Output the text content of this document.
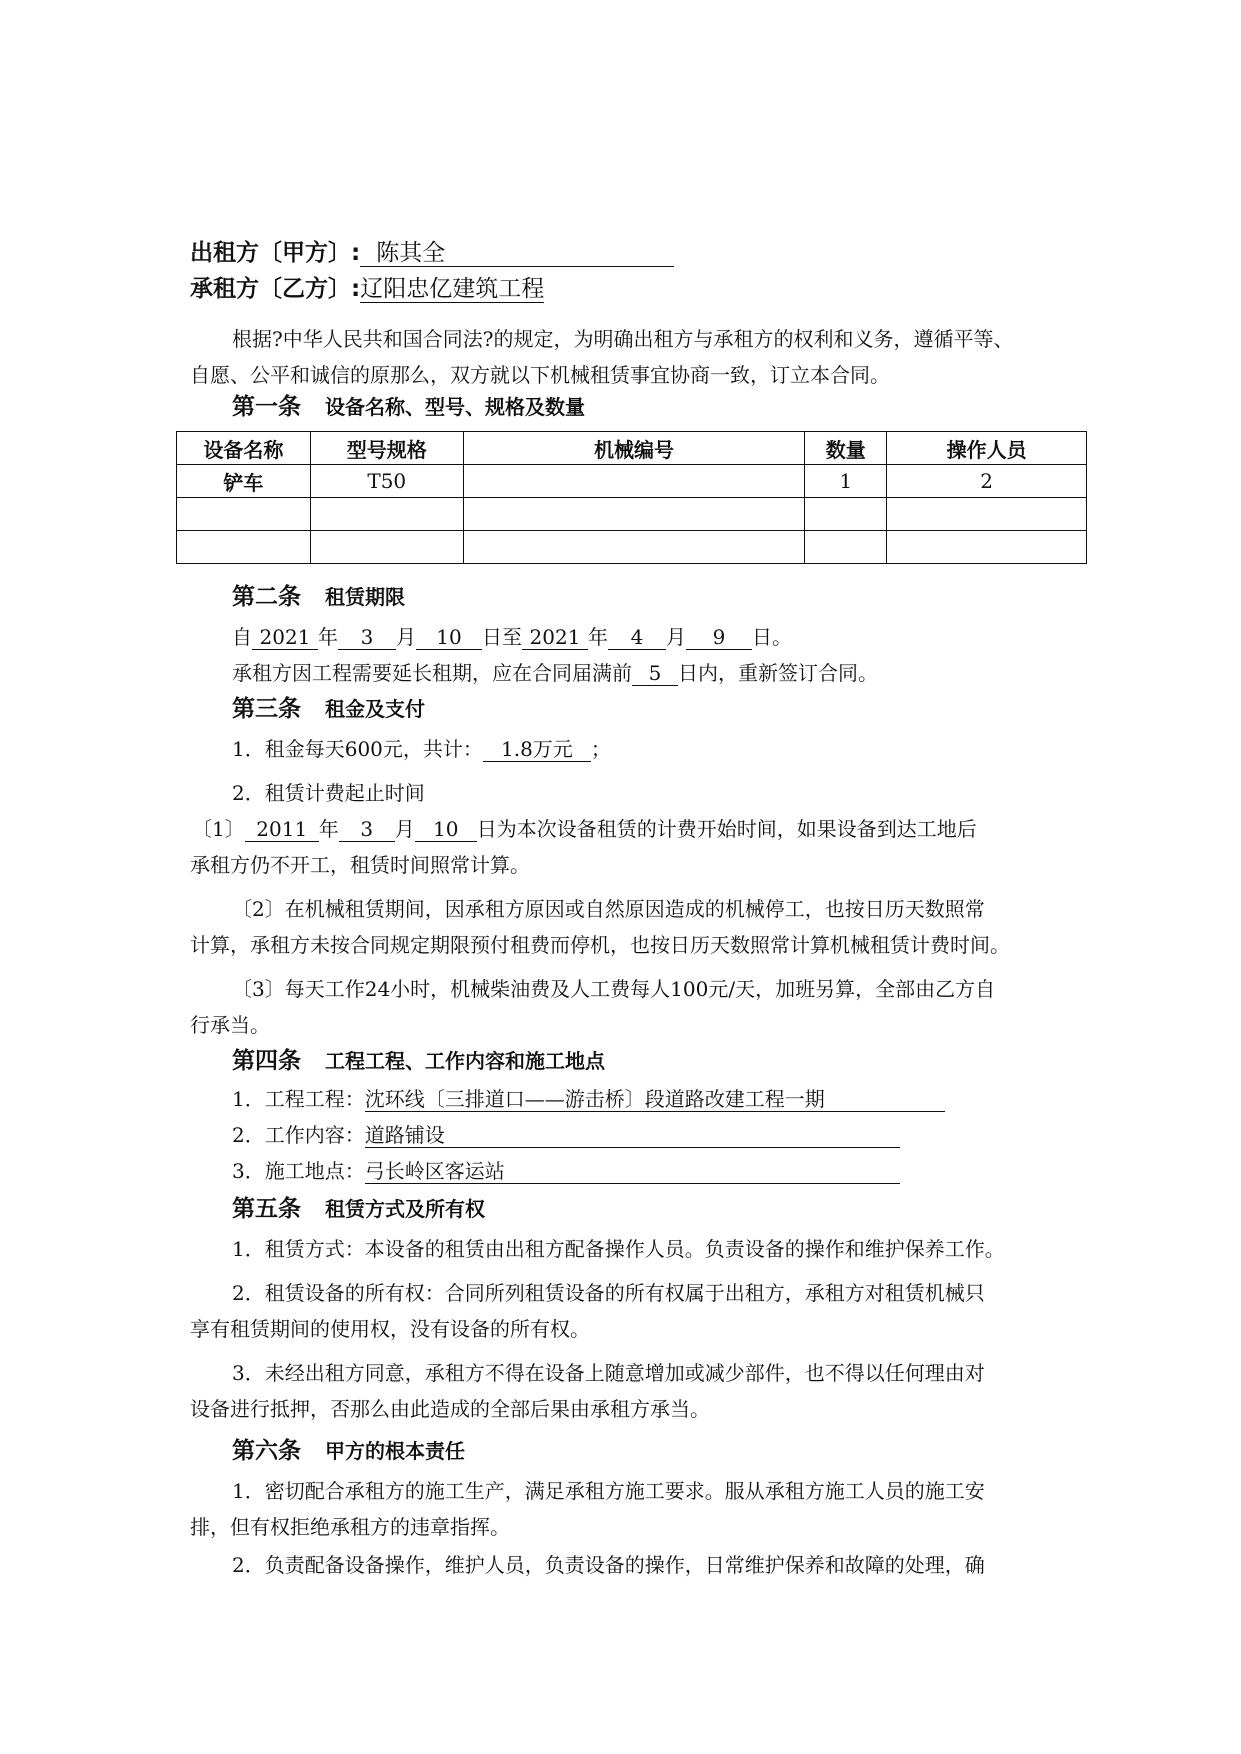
出租方〔甲方〕: 陈其全
承租方〔乙方〕:辽阳忠亿建筑工程
根据?中华人民共和国合同法?的规定，为明确出租方与承租方的权利和义务，遵循平等、
自愿、公平和诚信的原那么，双方就以下机械租赁事宜协商一致，订立本合同。
第一条 设备名称、型号、规格及数量
设备名称	型号规格	机械编号	数量	操作人员
铲车	T50		1	2

第二条 租赁期限
自 2021 年 3 月 10 日至 2021 年 4 月 9 日。
承租方因工程需要延长租期，应在合同届满前 5 日内，重新签订合同。
第三条 租金及支付
1．租金每天600元，共计： 1.8万元 ；
2．租赁计费起止时间
〔1〕 2011 年 3 月 10 日为本次设备租赁的计费开始时间，如果设备到达工地后
承租方仍不开工，租赁时间照常计算。
〔2〕在机械租赁期间，因承租方原因或自然原因造成的机械停工，也按日历天数照常
计算，承租方未按合同规定期限预付租费而停机，也按日历天数照常计算机械租赁计费时间。
〔3〕每天工作24小时，机械柴油费及人工费每人100元/天，加班另算，全部由乙方自
行承当。
第四条 工程工程、工作内容和施工地点
1．工程工程：沈环线〔三排道口——游击桥〕段道路改建工程一期
2．工作内容：道路铺设
3．施工地点：弓长岭区客运站
第五条 租赁方式及所有权
1．租赁方式：本设备的租赁由出租方配备操作人员。负责设备的操作和维护保养工作。
2．租赁设备的所有权：合同所列租赁设备的所有权属于出租方，承租方对租赁机械只
享有租赁期间的使用权，没有设备的所有权。
3．未经出租方同意，承租方不得在设备上随意增加或减少部件，也不得以任何理由对
设备进行抵押，否那么由此造成的全部后果由承租方承当。
第六条 甲方的根本责任
1．密切配合承租方的施工生产，满足承租方施工要求。服从承租方施工人员的施工安
排，但有权拒绝承租方的违章指挥。
2．负责配备设备操作，维护人员，负责设备的操作，日常维护保养和故障的处理，确
